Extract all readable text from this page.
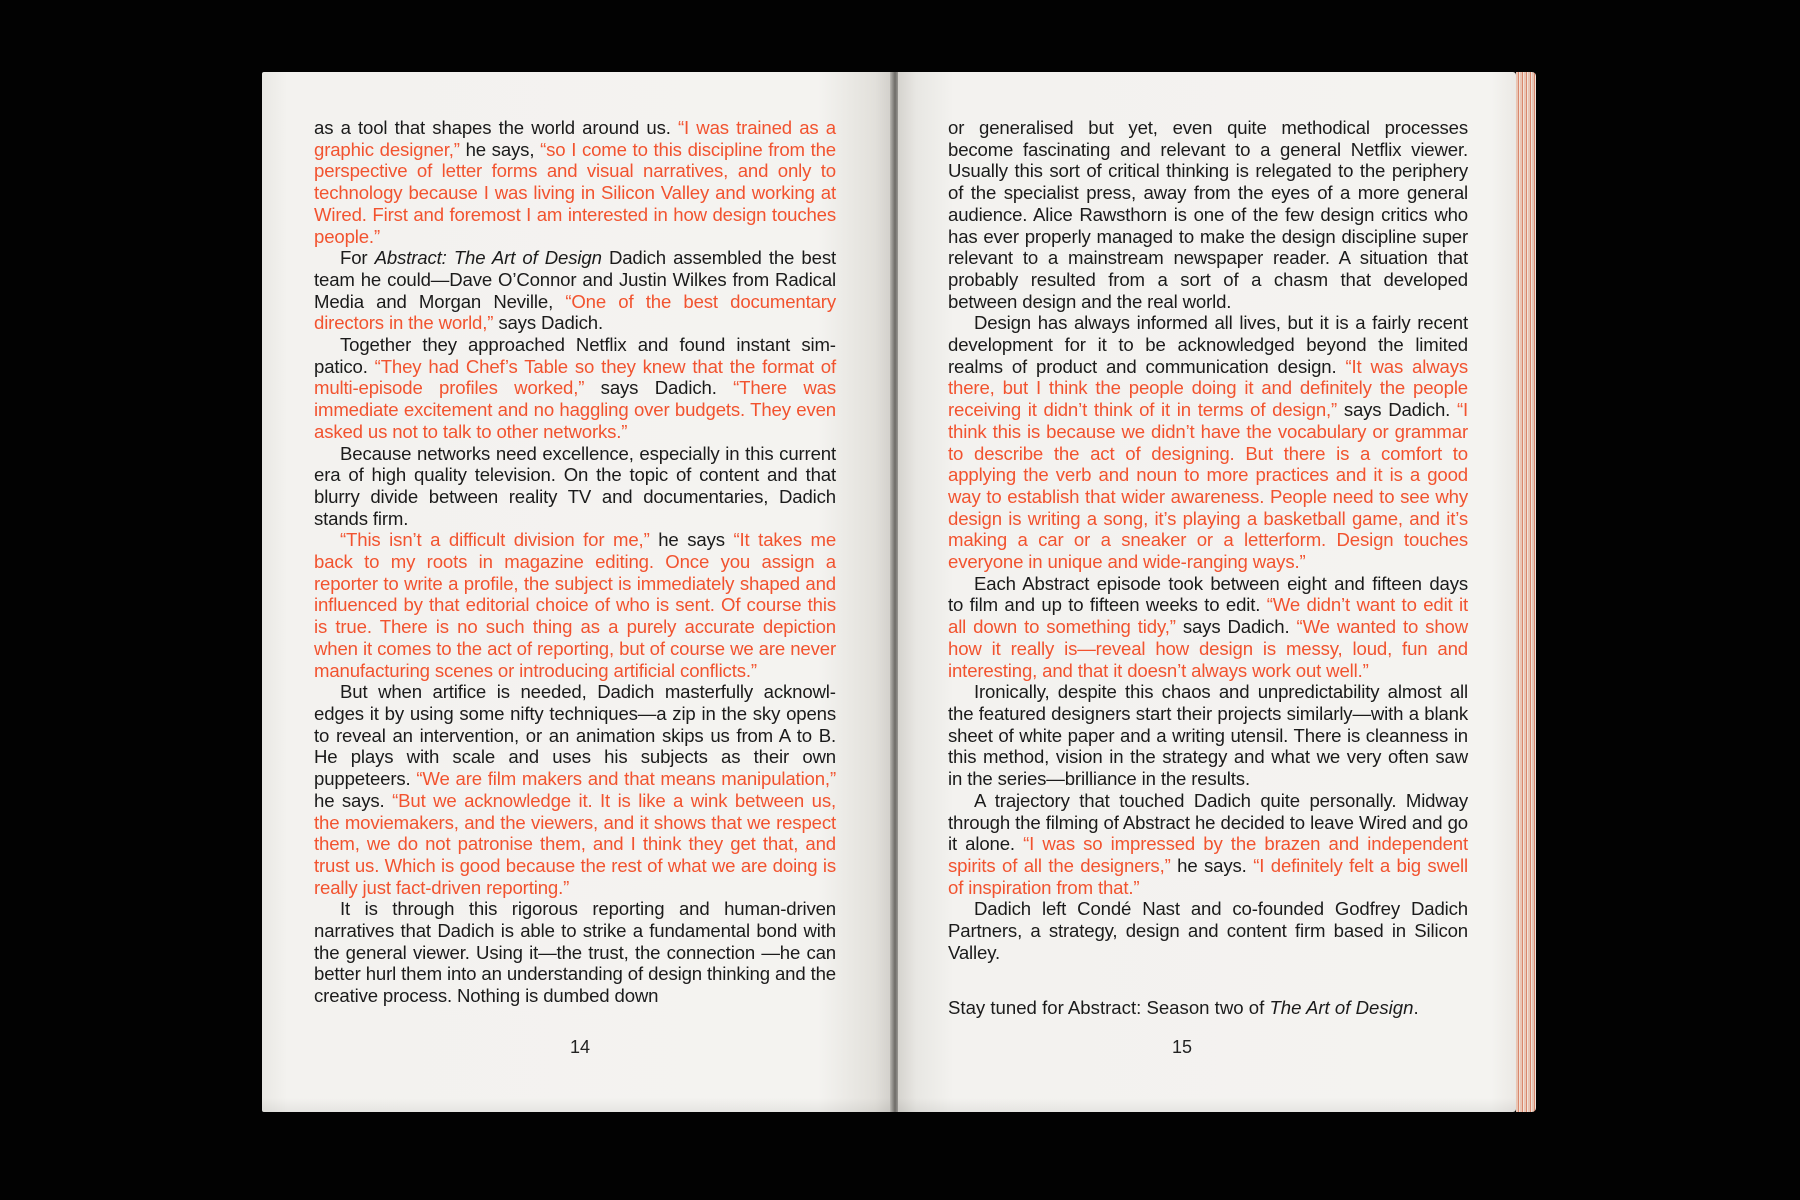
as a tool that shapes the world around us. “I was trained as a graphic designer,” he says, “so I come to this discipline from the perspective of letter forms and visual narratives, and only to technology because I was living in Silicon Valley and working at Wired. First and foremost I am interested in how design touches people.”

For Abstract: The Art of Design Dadich assembled the best team he could—Dave O’Connor and Justin Wilkes from Radical Media and Morgan Neville, “One of the best documentary directors in the world,” says Dadich.

Together they approached Netflix and found instant simpatico. “They had Chef’s Table so they knew that the format of multi-episode profiles worked,” says Dadich. “There was immediate excitement and no haggling over budgets. They even asked us not to talk to other networks.”

Because networks need excellence, especially in this current era of high quality television. On the topic of content and that blurry divide between reality TV and documentaries, Dadich stands firm.

“This isn’t a difficult division for me,” he says “It takes me back to my roots in magazine editing. Once you assign a reporter to write a profile, the subject is immediately shaped and influenced by that editorial choice of who is sent. Of course this is true. There is no such thing as a purely accurate depiction when it comes to the act of reporting, but of course we are never manufacturing scenes or introducing artificial conflicts.”

But when artifice is needed, Dadich masterfully acknowledges it by using some nifty techniques—a zip in the sky opens to reveal an intervention, or an animation skips us from A to B. He plays with scale and uses his subjects as their own puppeteers. “We are film makers and that means manipulation,” he says. “But we acknowledge it. It is like a wink between us, the moviemakers, and the viewers, and it shows that we respect them, we do not patronise them, and I think they get that, and trust us. Which is good because the rest of what we are doing is really just fact-driven reporting.”

It is through this rigorous reporting and human-driven narratives that Dadich is able to strike a fundamental bond with the general viewer. Using it—the trust, the connection —he can better hurl them into an understanding of design thinking and the creative process. Nothing is dumbed down

14

or generalised but yet, even quite methodical processes become fascinating and relevant to a general Netflix viewer. Usually this sort of critical thinking is relegated to the periphery of the specialist press, away from the eyes of a more general audience. Alice Rawsthorn is one of the few design critics who has ever properly managed to make the design discipline super relevant to a mainstream newspaper reader. A situation that probably resulted from a sort of a chasm that developed between design and the real world.

Design has always informed all lives, but it is a fairly recent development for it to be acknowledged beyond the limited realms of product and communication design. “It was always there, but I think the people doing it and definitely the people receiving it didn’t think of it in terms of design,” says Dadich. “I think this is because we didn’t have the vocabulary or grammar to describe the act of designing. But there is a comfort to applying the verb and noun to more practices and it is a good way to establish that wider awareness. People need to see why design is writing a song, it’s playing a basketball game, and it’s making a car or a sneaker or a letterform. Design touches everyone in unique and wide-ranging ways.”

Each Abstract episode took between eight and fifteen days to film and up to fifteen weeks to edit. “We didn’t want to edit it all down to something tidy,” says Dadich. “We wanted to show how it really is—reveal how design is messy, loud, fun and interesting, and that it doesn’t always work out well.”

Ironically, despite this chaos and unpredictability almost all the featured designers start their projects similarly—with a blank sheet of white paper and a writing utensil. There is cleanness in this method, vision in the strategy and what we very often saw in the series—brilliance in the results.

A trajectory that touched Dadich quite personally. Midway through the filming of Abstract he decided to leave Wired and go it alone. “I was so impressed by the brazen and independent spirits of all the designers,” he says. “I definitely felt a big swell of inspiration from that.”

Dadich left Condé Nast and co-founded Godfrey Dadich Partners, a strategy, design and content firm based in Silicon Valley.

Stay tuned for Abstract: Season two of The Art of Design.
15
